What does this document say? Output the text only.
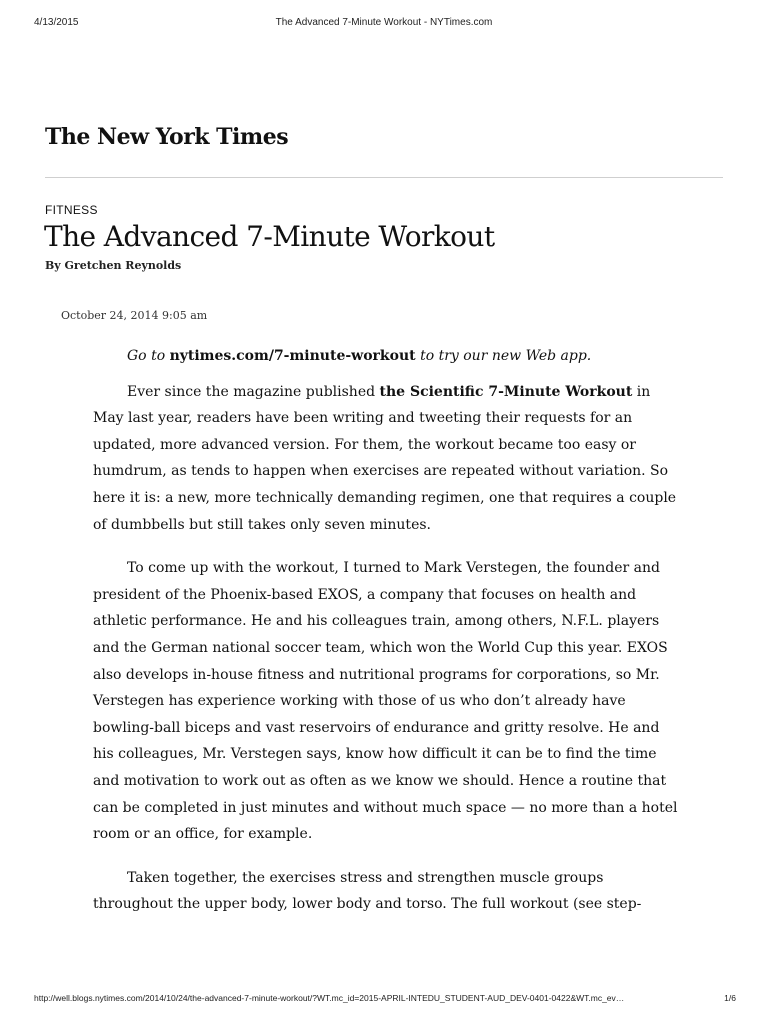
4/13/2015	The Advanced 7-Minute Workout - NYTimes.com
The New York Times
FITNESS
The Advanced 7-Minute Workout
By Gretchen Reynolds
October 24, 2014 9:05 am

Go to nytimes.com/7-minute-workout to try our new Web app.

Ever since the magazine published the Scientific 7-Minute Workout in May last year, readers have been writing and tweeting their requests for an updated, more advanced version. For them, the workout became too easy or humdrum, as tends to happen when exercises are repeated without variation. So here it is: a new, more technically demanding regimen, one that requires a couple of dumbbells but still takes only seven minutes.

To come up with the workout, I turned to Mark Verstegen, the founder and president of the Phoenix-based EXOS, a company that focuses on health and athletic performance. He and his colleagues train, among others, N.F.L. players and the German national soccer team, which won the World Cup this year. EXOS also develops in-house fitness and nutritional programs for corporations, so Mr. Verstegen has experience working with those of us who don’t already have bowling-ball biceps and vast reservoirs of endurance and gritty resolve. He and his colleagues, Mr. Verstegen says, know how difficult it can be to find the time and motivation to work out as often as we know we should. Hence a routine that can be completed in just minutes and without much space — no more than a hotel room or an office, for example.

Taken together, the exercises stress and strengthen muscle groups throughout the upper body, lower body and torso. The full workout (see step-

http://well.blogs.nytimes.com/2014/10/24/the-advanced-7-minute-workout/?WT.mc_id=2015-APRIL-INTEDU_STUDENT-AUD_DEV-0401-0422&WT.mc_ev…	1/6
